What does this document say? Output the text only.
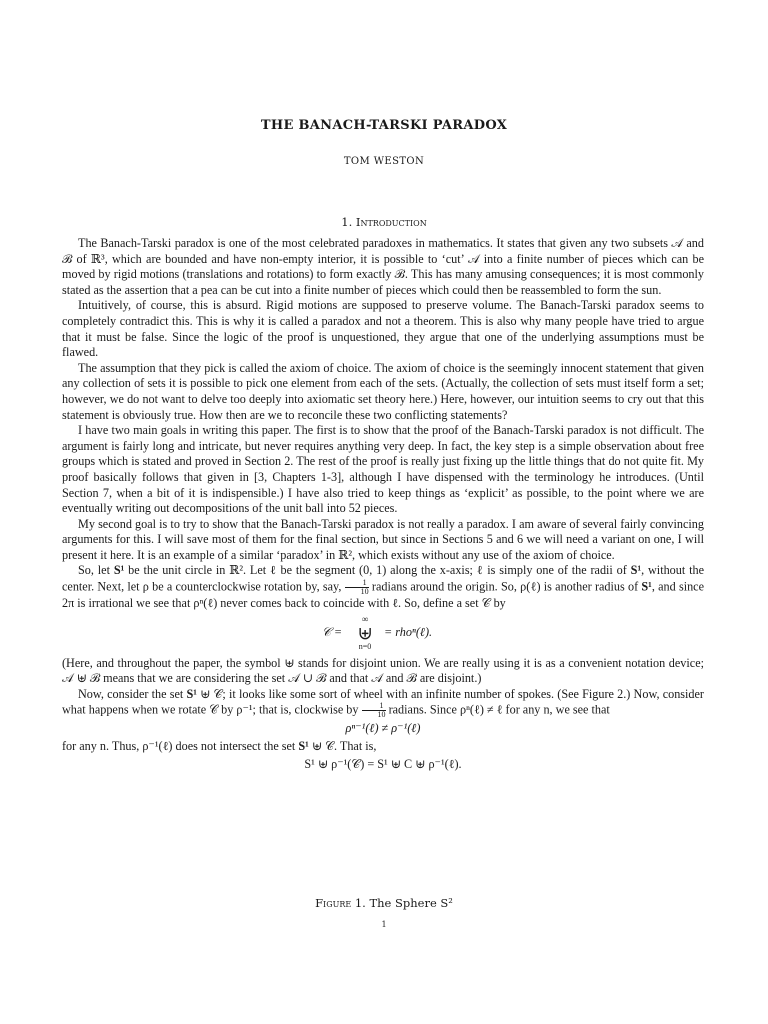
THE BANACH-TARSKI PARADOX
TOM WESTON
1. Introduction

The Banach-Tarski paradox is one of the most celebrated paradoxes in mathematics. It states that given any two subsets 𝒜 and ℬ of ℝ³, which are bounded and have non-empty interior, it is possible to ‘cut’ 𝒜 into a finite number of pieces which can be moved by rigid motions (translations and rotations) to form exactly ℬ. This has many amusing consequences; it is most commonly stated as the assertion that a pea can be cut into a finite number of pieces which could then be reassembled to form the sun.

Intuitively, of course, this is absurd. Rigid motions are supposed to preserve volume. The Banach-Tarski paradox seems to completely contradict this. This is why it is called a paradox and not a theorem. This is also why many people have tried to argue that it must be false. Since the logic of the proof is unquestioned, they argue that one of the underlying assumptions must be flawed.

The assumption that they pick is called the axiom of choice. The axiom of choice is the seemingly innocent statement that given any collection of sets it is possible to pick one element from each of the sets. (Actually, the collection of sets must itself form a set; however, we do not want to delve too deeply into axiomatic set theory here.) Here, however, our intuition seems to cry out that this statement is obviously true. How then are we to reconcile these two conflicting statements?

I have two main goals in writing this paper. The first is to show that the proof of the Banach-Tarski paradox is not difficult. The argument is fairly long and intricate, but never requires anything very deep. In fact, the key step is a simple observation about free groups which is stated and proved in Section 2. The rest of the proof is really just fixing up the little things that do not quite fit. My proof basically follows that given in [3, Chapters 1-3], although I have dispensed with the terminology he introduces. (Until Section 7, when a bit of it is indispensible.) I have also tried to keep things as ‘explicit’ as possible, to the point where we are eventually writing out decompositions of the unit ball into 52 pieces.

My second goal is to try to show that the Banach-Tarski paradox is not really a paradox. I am aware of several fairly convincing arguments for this. I will save most of them for the final section, but since in Sections 5 and 6 we will need a variant on one, I will present it here. It is an example of a similar ‘paradox’ in ℝ², which exists without any use of the axiom of choice.

So, let S¹ be the unit circle in ℝ². Let ℓ be the segment (0, 1) along the x-axis; ℓ is simply one of the radii of S¹, without the center. Next, let ρ be a counterclockwise rotation by, say, $\frac{1}{10}$ radians around the origin. So, ρ(ℓ) is another radius of S¹, and since 2π is irrational we see that ρⁿ(ℓ) never comes back to coincide with ℓ. So, define a set 𝒞 by

𝒞 =
∞
⊎
n=0
= rhoⁿ(ℓ).

(Here, and throughout the paper, the symbol ⊎ stands for disjoint union. We are really using it is as a convenient notation device; 𝒜 ⊎ ℬ means that we are considering the set 𝒜 ∪ ℬ and that 𝒜 and ℬ are disjoint.)

Now, consider the set S¹ ⊎ 𝒞; it looks like some sort of wheel with an infinite number of spokes. (See Figure 2.) Now, consider what happens when we rotate 𝒞 by ρ⁻¹; that is, clockwise by $\frac{1}{10}$ radians. Since ρⁿ(ℓ) ≠ ℓ for any n, we see that

ρⁿ⁻¹(ℓ) ≠ ρ⁻¹(ℓ)

for any n. Thus, ρ⁻¹(ℓ) does not intersect the set S¹ ⊎ 𝒞. That is,

S¹ ⊎ ρ⁻¹(𝒞) = S¹ ⊎ C ⊎ ρ⁻¹(ℓ).
Figure 1. The Sphere S²
1
